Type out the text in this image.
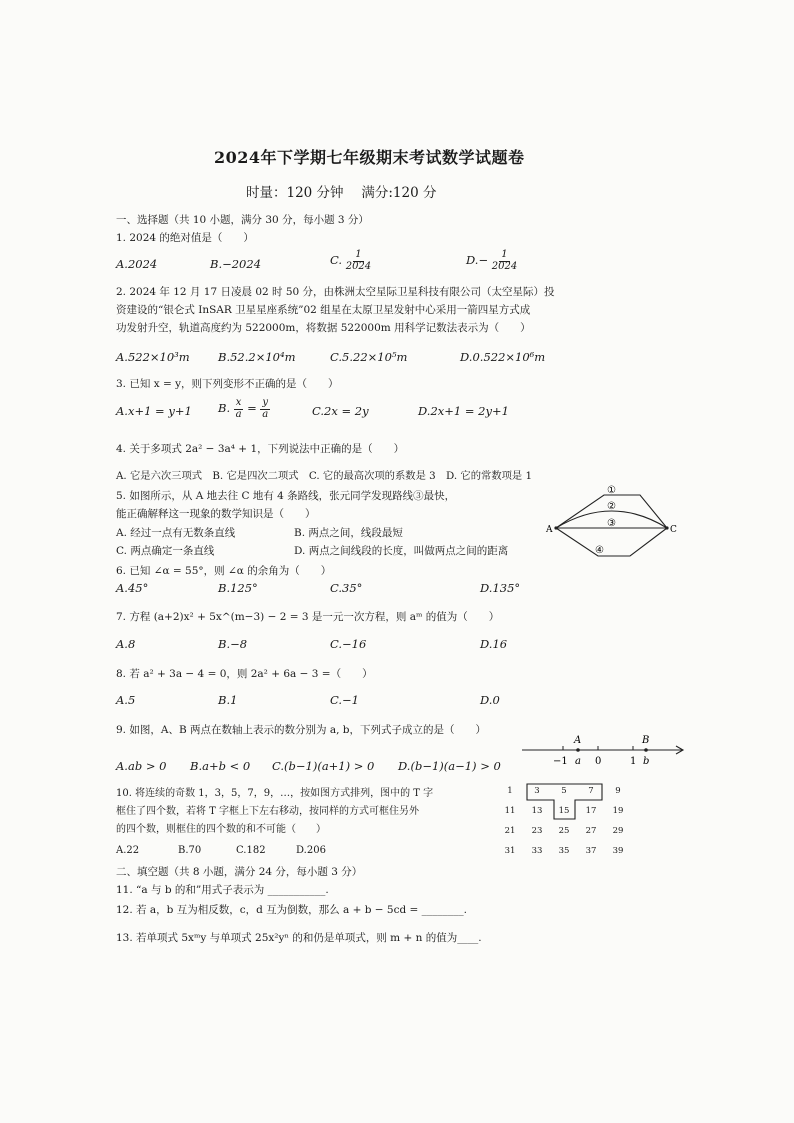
2024年下学期七年级期末考试数学试题卷
时量：120 分钟　 满分:120 分
一、选择题（共 10 小题，满分 30 分，每小题 3 分）
1. 2024 的绝对值是（　　）
A.2024	B.−2024	C. $\frac{1}{2024}$	$D.- \frac{1}{2024}$
2. 2024 年 12 月 17 日凌晨 02 时 50 分，由株洲太空星际卫星科技有限公司（太空星际）投
资建设的“银仑式 InSAR 卫星星座系统”02 组星在太原卫星发射中心采用一箭四星方式成
功发射升空，轨道高度约为 522000m，将数据 522000m 用科学记数法表示为（　　）
A.522×10³m B.52.2×10⁴m	C.5.22×10⁵m	D.0.522×10⁶m
3. 已知 x = y，则下列变形不正确的是（　　）
A.x+1 = y+1 B. $\frac{x}{a} = \frac{y}{a}$	C.2x = 2y	D.2x+1 = 2y+1
4. 关于多项式 2a² − 3a⁴ + 1，下列说法中正确的是（　　）
A. 它是六次三项式　B. 它是四次二项式　C. 它的最高次项的系数是 3　D. 它的常数项是 1
5. 如图所示，从 A 地去往 C 地有 4 条路线，张元同学发现路线③最快，
能正确解释这一现象的数学知识是（　　）
A. 经过一点有无数条直线	B. 两点之间，线段最短
C. 两点确定一条直线	D. 两点之间线段的长度，叫做两点之间的距离
A	C
①
②
③
④
6. 已知 ∠α = 55°，则 ∠α 的余角为（　　）
A.45°	B.125°	C.35°	D.135°
7. 方程 (a+2)x² + 5x^(m−3) − 2 = 3 是一元一次方程，则 aᵐ 的值为（　　）
A.8	B.−8	C.−16	D.16
8. 若 a² + 3a − 4 = 0，则 2a² + 6a − 3 =（　　）
A.5	B.1	C.−1	D.0
9. 如图，A、B 两点在数轴上表示的数分别为 a, b，下列式子成立的是（　　）
A.ab > 0 B.a+b < 0 C.(b−1)(a+1) > 0 D.(b−1)(a−1) > 0
A	B
−1 a 0	1 b
10. 将连续的奇数 1，3，5，7，9，…，按如图方式排列，图中的 T 字
框住了四个数，若将 T 字框上下左右移动，按同样的方式可框住另外
的四个数，则框住的四个数的和不可能（　　）
A.22	B.70	C.182	D.206
1	3	5	7	9
11 13 15 17 19
21 23 25 27 29
31 33 35 37 39
二、填空题（共 8 小题，满分 24 分，每小题 3 分）
11. “a 与 b 的和”用式子表示为 ___________.
12. 若 a，b 互为相反数，c，d 互为倒数，那么 a + b − 5cd = ________.
13. 若单项式 5xᵐy 与单项式 25x²yⁿ 的和仍是单项式，则 m + n 的值为____.
